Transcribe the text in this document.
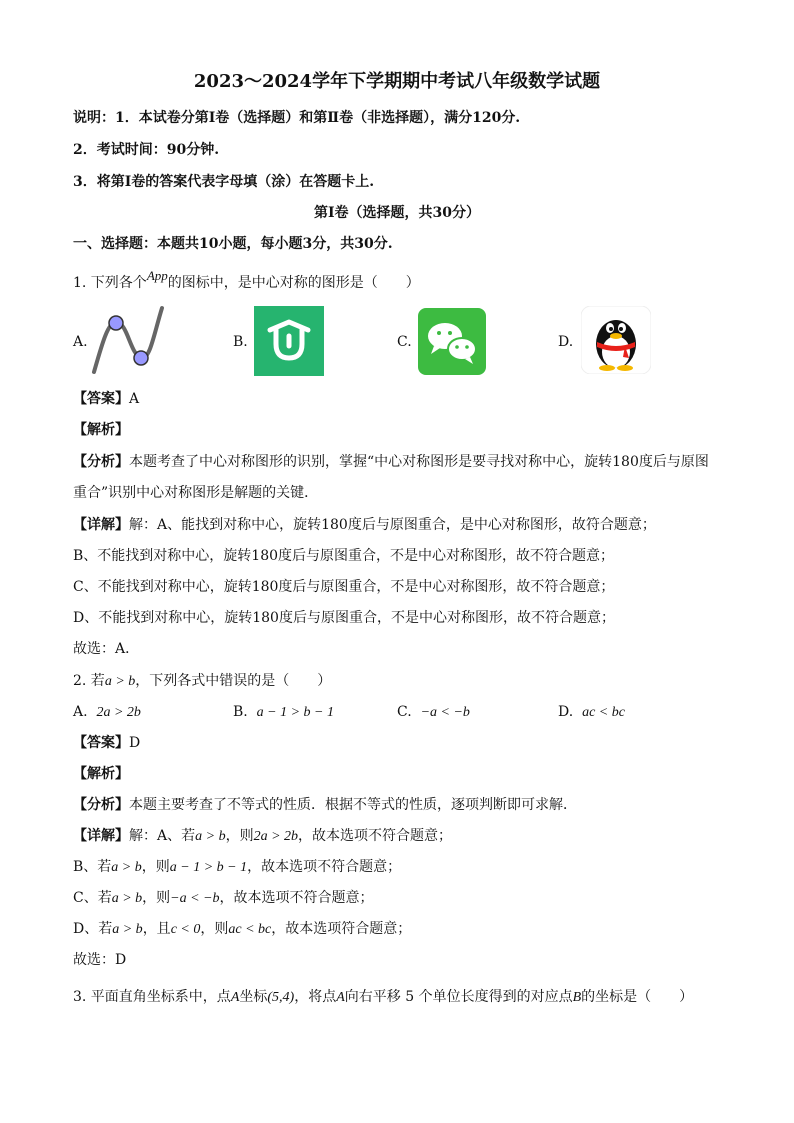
2023～2024学年下学期期中考试八年级数学试题
说明：1．本试卷分第Ⅰ卷（选择题）和第Ⅱ卷（非选择题），满分120分.
2．考试时间：90分钟.
3．将第Ⅰ卷的答案代表字母填（涂）在答题卡上.
第Ⅰ卷（选择题，共30分）
一、选择题：本题共10小题，每小题3分，共30分.
1. 下列各个App的图标中，是中心对称的图形是（　　）
A.	B.	C.	D.
【答案】A
【解析】
【分析】本题考查了中心对称图形的识别，掌握“中心对称图形是要寻找对称中心，旋转180度后与原图
重合”识别中心对称图形是解题的关键．
【详解】解：A、能找到对称中心，旋转180度后与原图重合，是中心对称图形，故符合题意；
B、不能找到对称中心，旋转180度后与原图重合，不是中心对称图形，故不符合题意；
C、不能找到对称中心，旋转180度后与原图重合，不是中心对称图形，故不符合题意；
D、不能找到对称中心，旋转180度后与原图重合，不是中心对称图形，故不符合题意；
故选：A．
2. 若a > b，下列各式中错误的是（　　）
A. 2a > 2b	B. a − 1 > b − 1	C. −a < −b	D. ac < bc
【答案】D
【解析】
【分析】本题主要考查了不等式的性质．根据不等式的性质，逐项判断即可求解．
【详解】解：A、若a > b，则2a > 2b，故本选项不符合题意；
B、若a > b，则a − 1 > b − 1，故本选项不符合题意；
C、若a > b，则−a < −b，故本选项不符合题意；
D、若a > b，且c < 0，则ac < bc，故本选项符合题意；
故选：D
3. 平面直角坐标系中，点A坐标(5,4)，将点A向右平移 5 个单位长度得到的对应点B的坐标是（　　）
